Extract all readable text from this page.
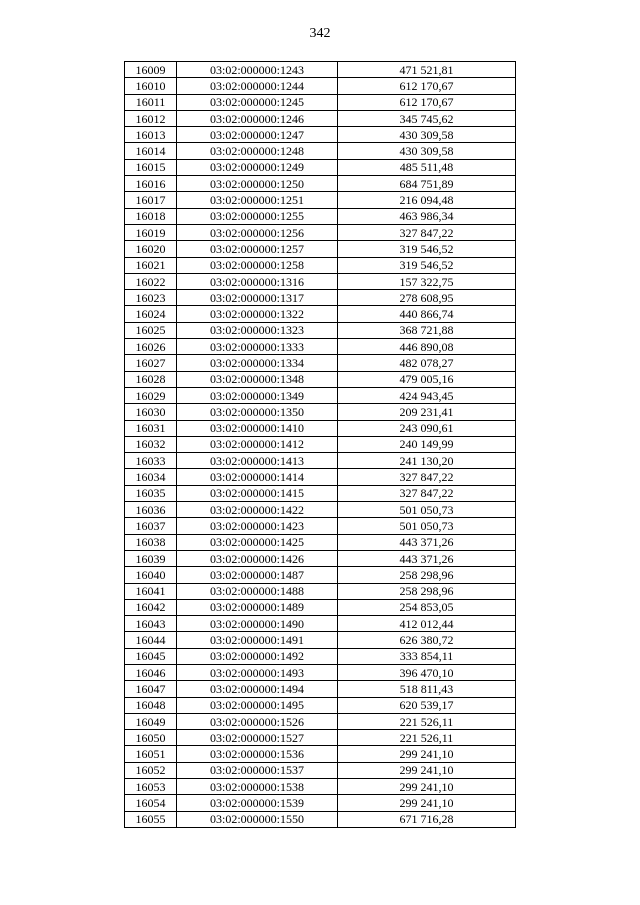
342
16009	03:02:000000:1243	471 521,81
16010	03:02:000000:1244	612 170,67
16011	03:02:000000:1245	612 170,67
16012	03:02:000000:1246	345 745,62
16013	03:02:000000:1247	430 309,58
16014	03:02:000000:1248	430 309,58
16015	03:02:000000:1249	485 511,48
16016	03:02:000000:1250	684 751,89
16017	03:02:000000:1251	216 094,48
16018	03:02:000000:1255	463 986,34
16019	03:02:000000:1256	327 847,22
16020	03:02:000000:1257	319 546,52
16021	03:02:000000:1258	319 546,52
16022	03:02:000000:1316	157 322,75
16023	03:02:000000:1317	278 608,95
16024	03:02:000000:1322	440 866,74
16025	03:02:000000:1323	368 721,88
16026	03:02:000000:1333	446 890,08
16027	03:02:000000:1334	482 078,27
16028	03:02:000000:1348	479 005,16
16029	03:02:000000:1349	424 943,45
16030	03:02:000000:1350	209 231,41
16031	03:02:000000:1410	243 090,61
16032	03:02:000000:1412	240 149,99
16033	03:02:000000:1413	241 130,20
16034	03:02:000000:1414	327 847,22
16035	03:02:000000:1415	327 847,22
16036	03:02:000000:1422	501 050,73
16037	03:02:000000:1423	501 050,73
16038	03:02:000000:1425	443 371,26
16039	03:02:000000:1426	443 371,26
16040	03:02:000000:1487	258 298,96
16041	03:02:000000:1488	258 298,96
16042	03:02:000000:1489	254 853,05
16043	03:02:000000:1490	412 012,44
16044	03:02:000000:1491	626 380,72
16045	03:02:000000:1492	333 854,11
16046	03:02:000000:1493	396 470,10
16047	03:02:000000:1494	518 811,43
16048	03:02:000000:1495	620 539,17
16049	03:02:000000:1526	221 526,11
16050	03:02:000000:1527	221 526,11
16051	03:02:000000:1536	299 241,10
16052	03:02:000000:1537	299 241,10
16053	03:02:000000:1538	299 241,10
16054	03:02:000000:1539	299 241,10
16055	03:02:000000:1550	671 716,28
